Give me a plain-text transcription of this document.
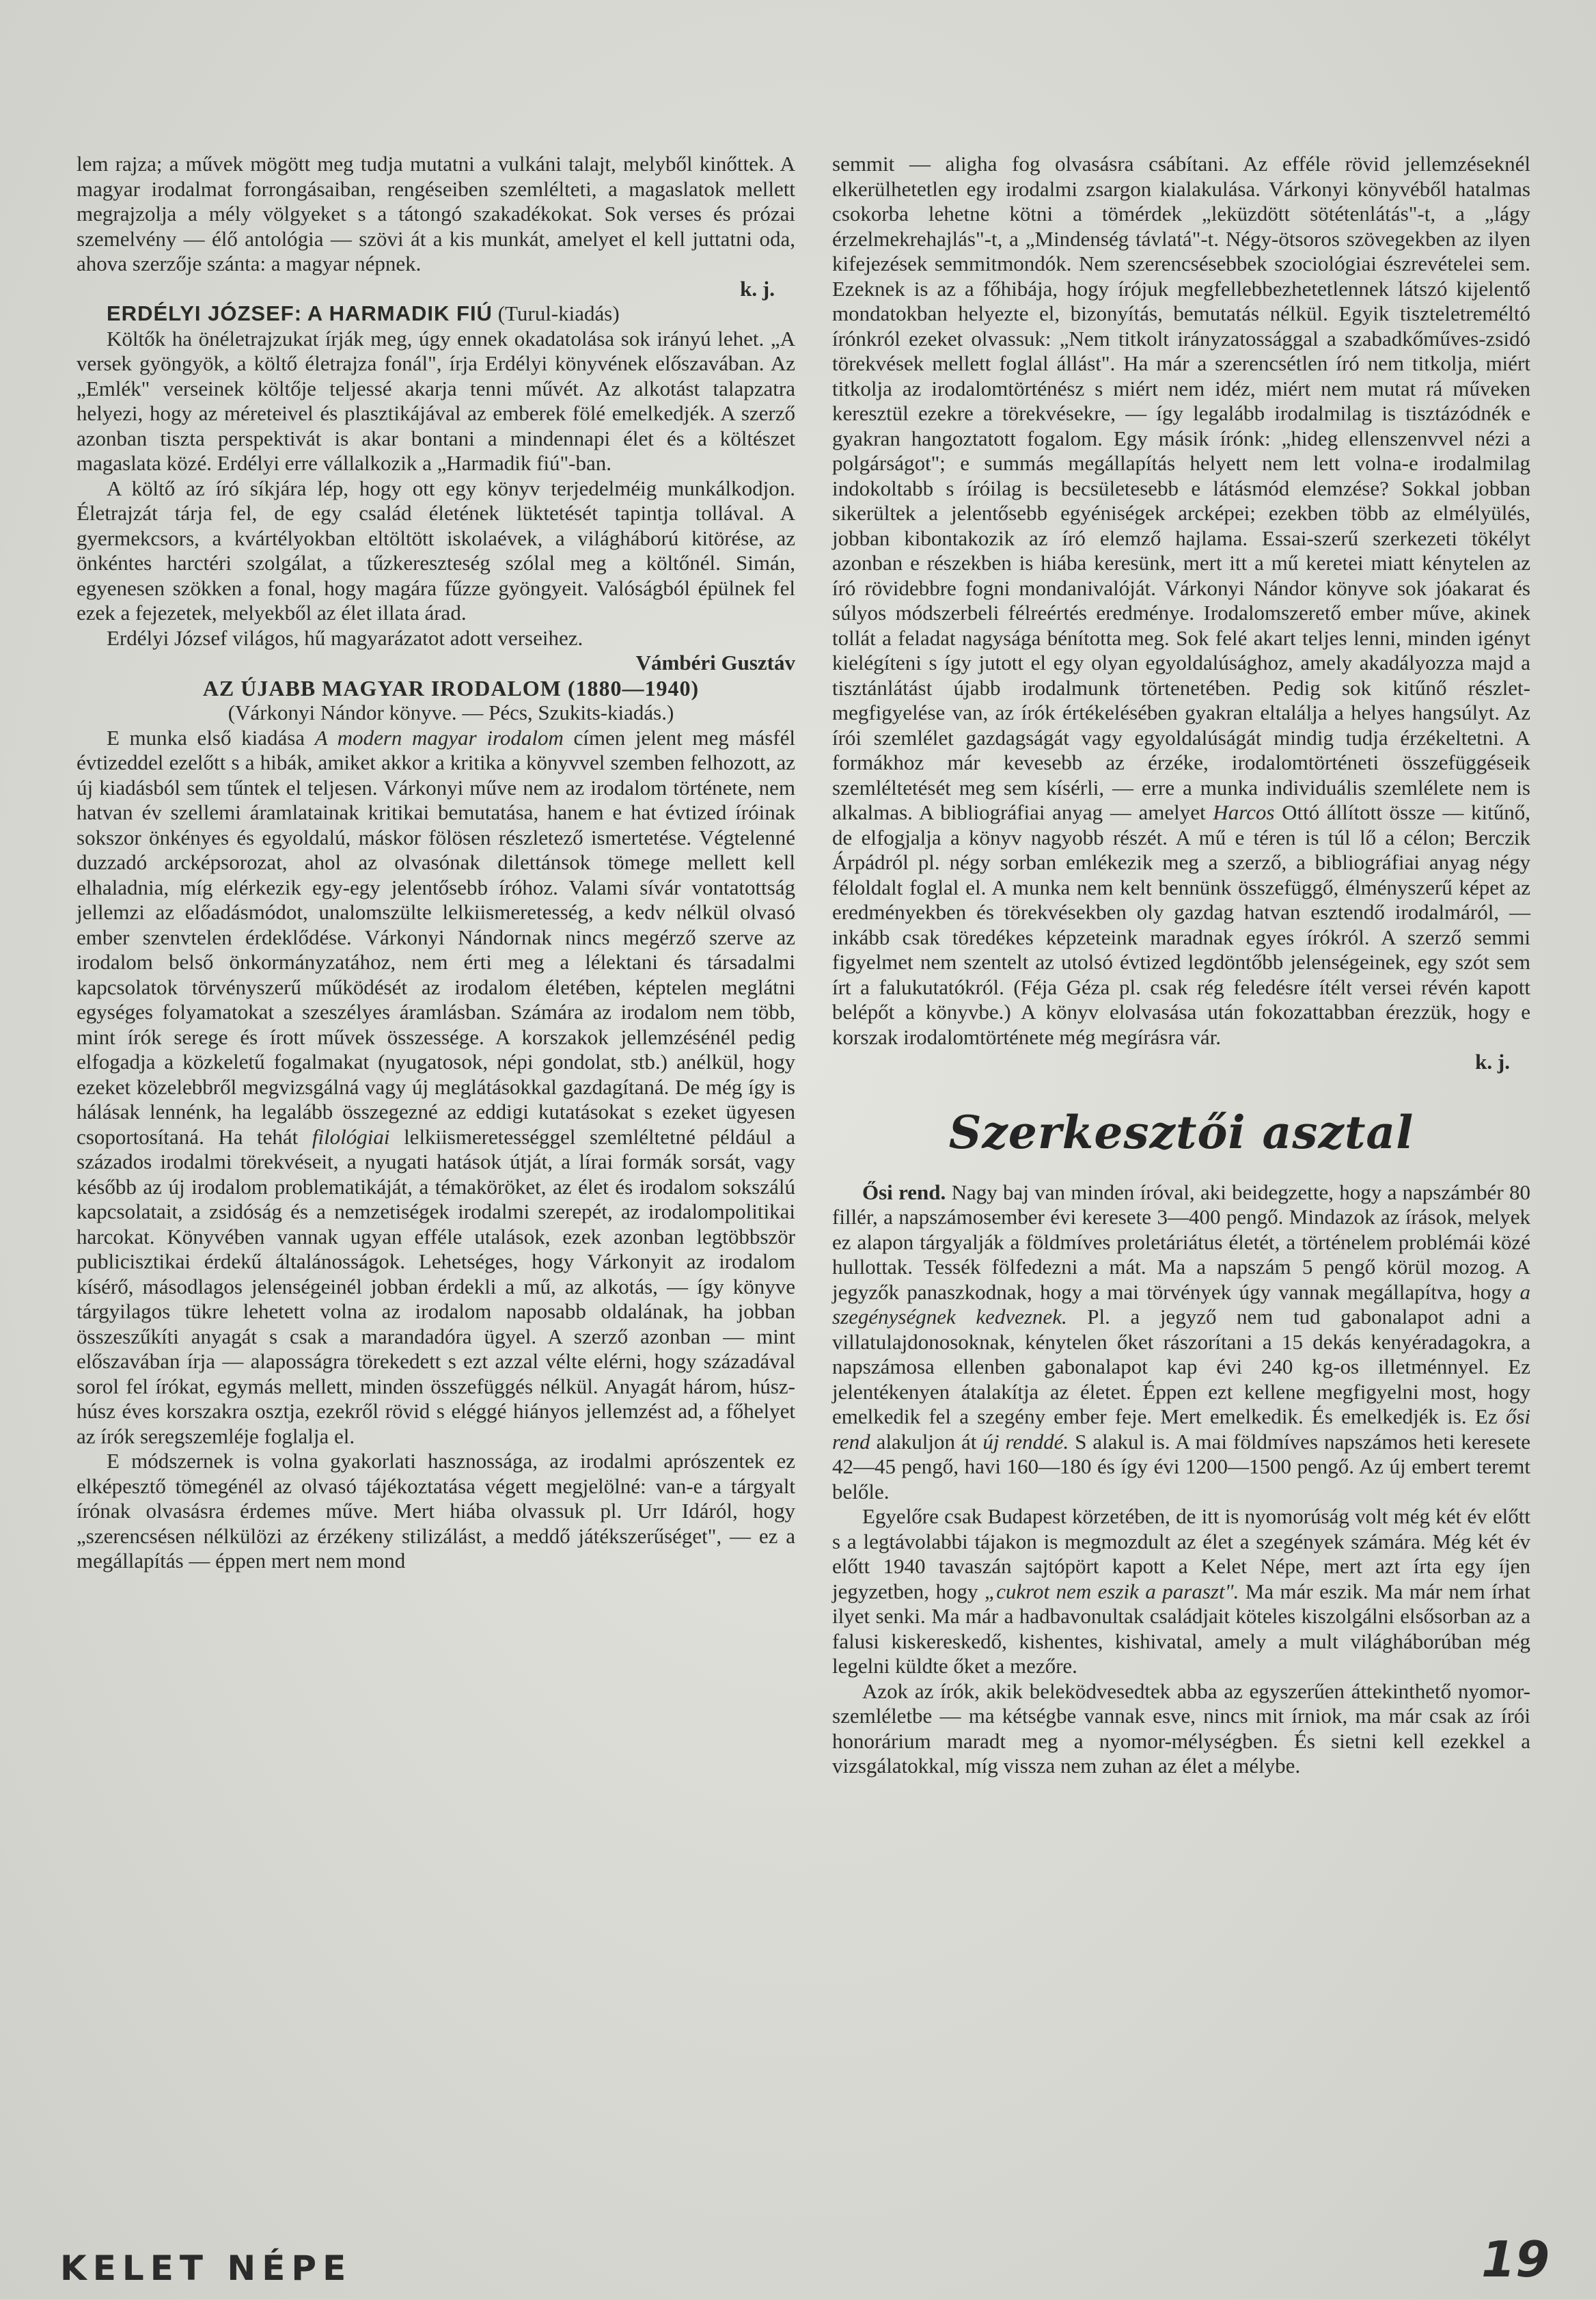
lem rajza; a művek mögött meg tudja mutatni a vulkáni talajt, melyből kinőttek. A magyar irodalmat forrongásaiban, rengéseiben szemlélteti, a magaslatok mellett megrajzolja a mély völgyeket s a tátongó szakadékokat. Sok verses és prózai szemelvény — élő antológia — szövi át a kis munkát, amelyet el kell juttatni oda, ahova szerzője szánta: a magyar népnek.

k. j.

ERDÉLYI JÓZSEF: A HARMADIK FIÚ (Turul-kiadás)

Költők ha önéletrajzukat írják meg, úgy ennek okadatolása sok irányú lehet. „A versek gyöngyök, a költő életrajza fonál", írja Erdélyi könyvének előszavában. Az „Emlék" verseinek költője teljessé akarja tenni művét. Az alkotást talapzatra helyezi, hogy az méreteivel és plasztikájával az emberek fölé emelkedjék. A szerző azonban tiszta perspektivát is akar bontani a mindennapi élet és a költészet magaslata közé. Erdélyi erre vállalkozik a „Harmadik fiú"-ban.

A költő az író síkjára lép, hogy ott egy könyv terjedelméig munkálkodjon. Életrajzát tárja fel, de egy család életének lüktetését tapintja tollával. A gyermekcsors, a kvártélyokban eltöltött iskolaévek, a világháború kitörése, az önkéntes harctéri szolgálat, a tűzkereszteség szólal meg a költőnél. Simán, egyenesen szökken a fonal, hogy magára fűzze gyöngyeit. Valóságból épülnek fel ezek a fejezetek, melyekből az élet illata árad.

Erdélyi József világos, hű magyarázatot adott verseihez.

Vámbéri Gusztáv

AZ ÚJABB MAGYAR IRODALOM (1880—1940)

(Várkonyi Nándor könyve. — Pécs, Szukits-kiadás.)

E munka első kiadása A modern magyar irodalom címen jelent meg másfél évtizeddel ezelőtt s a hibák, amiket akkor a kritika a könyvvel szemben felhozott, az új kiadásból sem tűntek el teljesen. Várkonyi műve nem az irodalom története, nem hatvan év szellemi áramlatainak kritikai bemutatása, hanem e hat évtized íróinak sokszor önkényes és egyoldalú, máskor fölösen részletező ismertetése. Végtelenné duzzadó arcképsorozat, ahol az olvasónak dilettánsok tömege mellett kell elhaladnia, míg elérkezik egy-egy jelentősebb íróhoz. Valami sívár vontatottság jellemzi az előadásmódot, unalomszülte lelkiismeretesség, a kedv nélkül olvasó ember szenvtelen érdeklődése. Várkonyi Nándornak nincs megérző szerve az irodalom belső önkormányzatához, nem érti meg a lélektani és társadalmi kapcsolatok törvényszerű működését az irodalom életében, képtelen meglátni egységes folyamatokat a szeszélyes áramlásban. Számára az irodalom nem több, mint írók serege és írott művek összessége. A korszakok jellemzésénél pedig elfogadja a közkeletű fogalmakat (nyugatosok, népi gondolat, stb.) anélkül, hogy ezeket közelebbről megvizsgálná vagy új meglátásokkal gazdagítaná. De még így is hálásak lennénk, ha legalább összegezné az eddigi kutatásokat s ezeket ügyesen csoportosítaná. Ha tehát filológiai lelkiismeretességgel szemléltetné például a százados irodalmi törekvéseit, a nyugati hatások útját, a lírai formák sorsát, vagy később az új irodalom problematikáját, a témaköröket, az élet és irodalom sokszálú kapcsolatait, a zsidóság és a nemzetiségek irodalmi szerepét, az irodalompolitikai harcokat. Könyvében vannak ugyan efféle utalások, ezek azonban legtöbbször publicisztikai érdekű általánosságok. Lehetséges, hogy Várkonyit az irodalom kísérő, másodlagos jelenségeinél jobban érdekli a mű, az alkotás, — így könyve tárgyilagos tükre lehetett volna az irodalom naposabb oldalának, ha jobban összeszűkíti anyagát s csak a marandadóra ügyel. A szerző azonban — mint előszavában írja — alaposságra törekedett s ezt azzal vélte elérni, hogy századával sorol fel írókat, egymás mellett, minden összefüggés nélkül. Anyagát három, húsz-húsz éves korszakra osztja, ezekről rövid s eléggé hiányos jellemzést ad, a főhelyet az írók seregszemléje foglalja el.

E módszernek is volna gyakorlati hasznossága, az irodalmi aprószentek ez elképesztő tömegénél az olvasó tájékoztatása végett megjelölné: van-e a tárgyalt írónak olvasásra érdemes műve. Mert hiába olvassuk pl. Urr Idáról, hogy „szerencsésen nélkülözi az érzékeny stilizálást, a meddő játékszerűséget", — ez a megállapítás — éppen mert nem mond

semmit — aligha fog olvasásra csábítani. Az efféle rövid jellemzéseknél elkerülhetetlen egy irodalmi zsargon kialakulása. Várkonyi könyvéből hatalmas csokorba lehetne kötni a tömérdek „leküzdött sötétenlátás"-t, a „lágy érzelmekrehajlás"-t, a „Mindenség távlatá"-t. Négy-ötsoros szövegekben az ilyen kifejezések semmitmondók. Nem szerencsésebbek szociológiai észrevételei sem. Ezeknek is az a főhibája, hogy írójuk megfellebbezhetetlennek látszó kijelentő mondatokban helyezte el, bizonyítás, bemutatás nélkül. Egyik tiszteletreméltó írónkról ezeket olvassuk: „Nem titkolt irányzatossággal a szabadkőműves-zsidó törekvések mellett foglal állást". Ha már a szerencsétlen író nem titkolja, miért titkolja az irodalomtörténész s miért nem idéz, miért nem mutat rá műveken keresztül ezekre a törekvésekre, — így legalább irodalmilag is tisztázódnék e gyakran hangoztatott fogalom. Egy másik írónk: „hideg ellenszenvvel nézi a polgárságot"; e summás megállapítás helyett nem lett volna-e irodalmilag indokoltabb s íróilag is becsületesebb e látásmód elemzése? Sokkal jobban sikerültek a jelentősebb egyéniségek arcképei; ezekben több az elmélyülés, jobban kibontakozik az író elemző hajlama. Essai-szerű szerkezeti tökélyt azonban e részekben is hiába keresünk, mert itt a mű keretei miatt kénytelen az író rövidebbre fogni mondanivalóját. Várkonyi Nándor könyve sok jóakarat és súlyos módszerbeli félreértés eredménye. Irodalomszerető ember műve, akinek tollát a feladat nagysága bénította meg. Sok felé akart teljes lenni, minden igényt kielégíteni s így jutott el egy olyan egyoldalúsághoz, amely akadályozza majd a tisztánlátást újabb irodalmunk törtenetében. Pedig sok kitűnő részlet-megfigyelése van, az írók értékelésében gyakran eltalálja a helyes hangsúlyt. Az írói szemlélet gazdagságát vagy egyoldalúságát mindig tudja érzékeltetni. A formákhoz már kevesebb az érzéke, irodalomtörténeti összefüggéseik szemléltetését meg sem kísérli, — erre a munka individuális szemlélete nem is alkalmas. A bibliográfiai anyag — amelyet Harcos Ottó állított össze — kitűnő, de elfogjalja a könyv nagyobb részét. A mű e téren is túl lő a célon; Berczik Árpádról pl. négy sorban emlékezik meg a szerző, a bibliográfiai anyag négy féloldalt foglal el. A munka nem kelt bennünk összefüggő, élményszerű képet az eredményekben és törekvésekben oly gazdag hatvan esztendő irodalmáról, — inkább csak töredékes képzeteink maradnak egyes írókról. A szerző semmi figyelmet nem szentelt az utolsó évtized legdöntőbb jelenségeinek, egy szót sem írt a falukutatókról. (Féja Géza pl. csak rég feledésre ítélt versei révén kapott belépőt a könyvbe.) A könyv elolvasása után fokozattabban érezzük, hogy e korszak irodalomtörténete még megírásra vár.

k. j.

Szerkesztői asztal

Ősi rend. Nagy baj van minden íróval, aki beidegzette, hogy a napszámbér 80 fillér, a napszámosember évi keresete 3—400 pengő. Mindazok az írások, melyek ez alapon tárgyalják a földmíves proletáriátus életét, a történelem problémái közé hullottak. Tessék fölfedezni a mát. Ma a napszám 5 pengő körül mozog. A jegyzők panaszkodnak, hogy a mai törvények úgy vannak megállapítva, hogy a szegénységnek kedveznek. Pl. a jegyző nem tud gabonalapot adni a villatulajdonosoknak, kénytelen őket rászorítani a 15 dekás kenyéradagokra, a napszámosa ellenben gabonalapot kap évi 240 kg-os illetménnyel. Ez jelentékenyen átalakítja az életet. Éppen ezt kellene megfigyelni most, hogy emelkedik fel a szegény ember feje. Mert emelkedik. És emelkedjék is. Ez ősi rend alakuljon át új renddé. S alakul is. A mai földmíves napszámos heti keresete 42—45 pengő, havi 160—180 és így évi 1200—1500 pengő. Az új embert teremt belőle.

Egyelőre csak Budapest körzetében, de itt is nyomorúság volt még két év előtt s a legtávolabbi tájakon is megmozdult az élet a szegények számára. Még két év előtt 1940 tavaszán sajtópört kapott a Kelet Népe, mert azt írta egy íjen jegyzetben, hogy „cukrot nem eszik a paraszt". Ma már eszik. Ma már nem írhat ilyet senki. Ma már a hadbavonultak családjait köteles kiszolgálni elsősorban az a falusi kiskereskedő, kishentes, kishivatal, amely a mult világháborúban még legelni küldte őket a mezőre.

Azok az írók, akik beleködvesedtek abba az egyszerűen áttekinthető nyomor-szemléletbe — ma kétségbe vannak esve, nincs mit írniok, ma már csak az írói honorárium maradt meg a nyomor-mélységben. És sietni kell ezekkel a vizsgálatokkal, míg vissza nem zuhan az élet a mélybe.

KELET NÉPE	19
